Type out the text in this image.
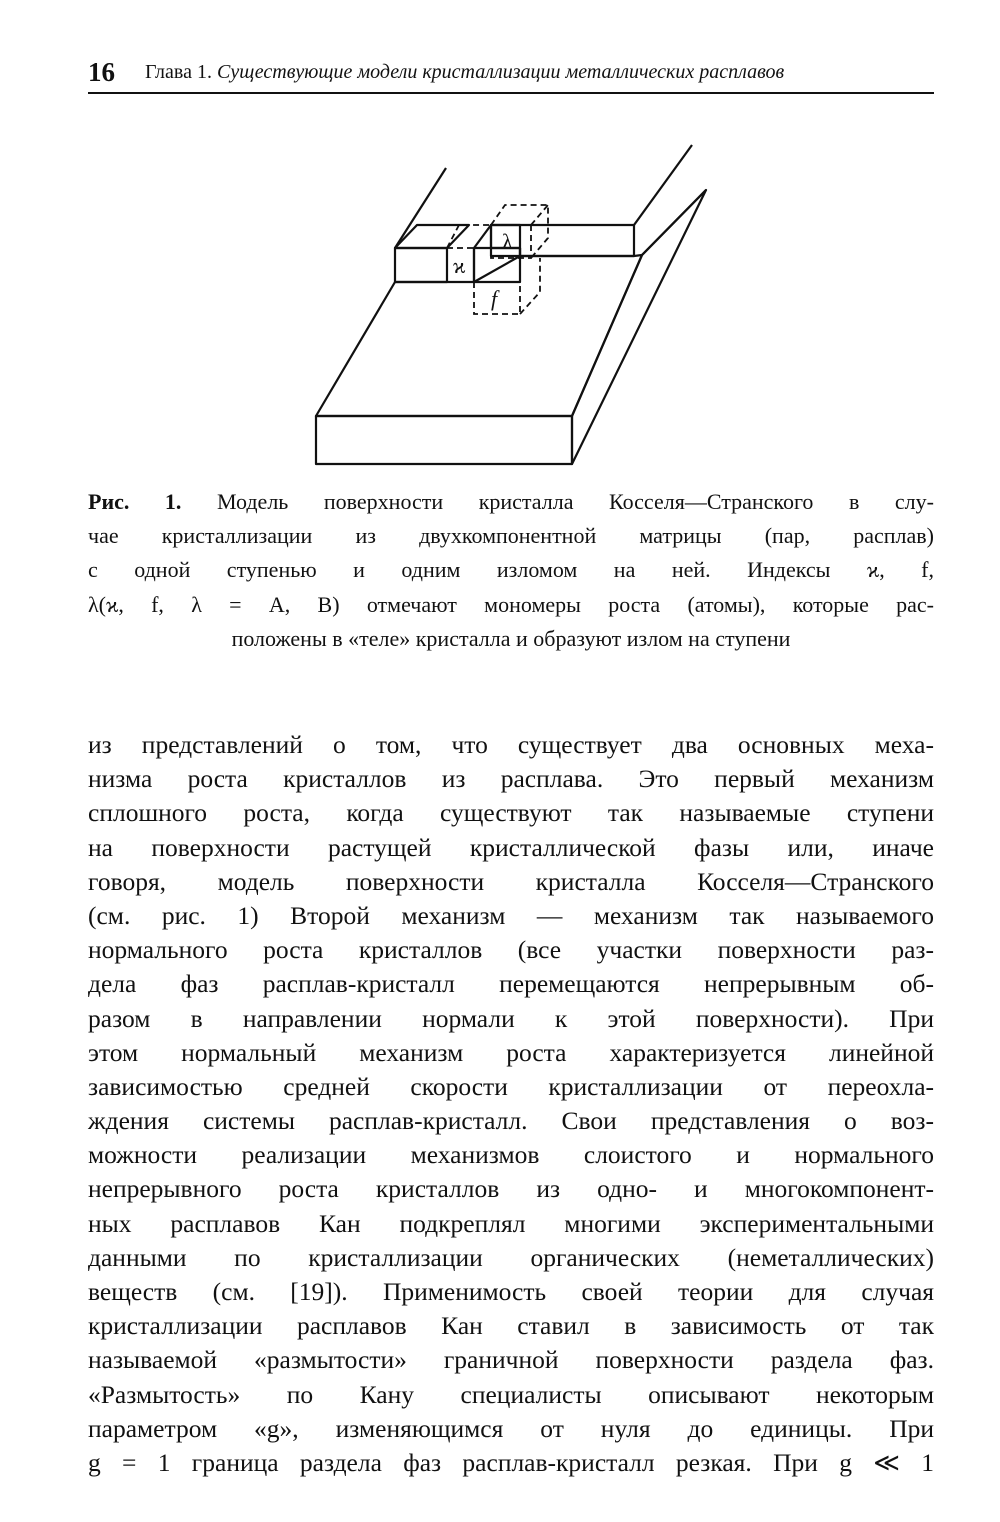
16 Глава 1. Существующие модели кристаллизации металлических расплавов
ϰ
λ
f
Рис. 1. Модель поверхности кристалла Косселя—Странского в слу-
чае кристаллизации из двухкомпонентной матрицы (пар, расплав)
с одной ступенью и одним изломом на ней. Индексы ϰ, f,
λ(ϰ, f, λ = A, B) отмечают мономеры роста (атомы), которые рас-
положены в «теле» кристалла и образуют излом на ступени
из представлений о том, что существует два основных меха-
низма роста кристаллов из расплава. Это первый механизм
сплошного роста, когда существуют так называемые ступени
на поверхности растущей кристаллической фазы или, иначе
говоря, модель поверхности кристалла Косселя—Странского
(см. рис. 1) Второй механизм — механизм так называемого
нормального роста кристаллов (все участки поверхности раз-
дела фаз расплав-кристалл перемещаются непрерывным об-
разом в направлении нормали к этой поверхности). При
этом нормальный механизм роста характеризуется линейной
зависимостью средней скорости кристаллизации от переохла-
ждения системы расплав-кристалл. Свои представления о воз-
можности реализации механизмов слоистого и нормального
непрерывного роста кристаллов из одно- и многокомпонент-
ных расплавов Кан подкреплял многими экспериментальными
данными по кристаллизации органических (неметаллических)
веществ (см. [19]). Применимость своей теории для случая
кристаллизации расплавов Кан ставил в зависимость от так
называемой «размытости» граничной поверхности раздела фаз.
«Размытость» по Кану специалисты описывают некоторым
параметром «g», изменяющимся от нуля до единицы. При
g = 1 граница раздела фаз расплав-кристалл резкая. При g ≪ 1
